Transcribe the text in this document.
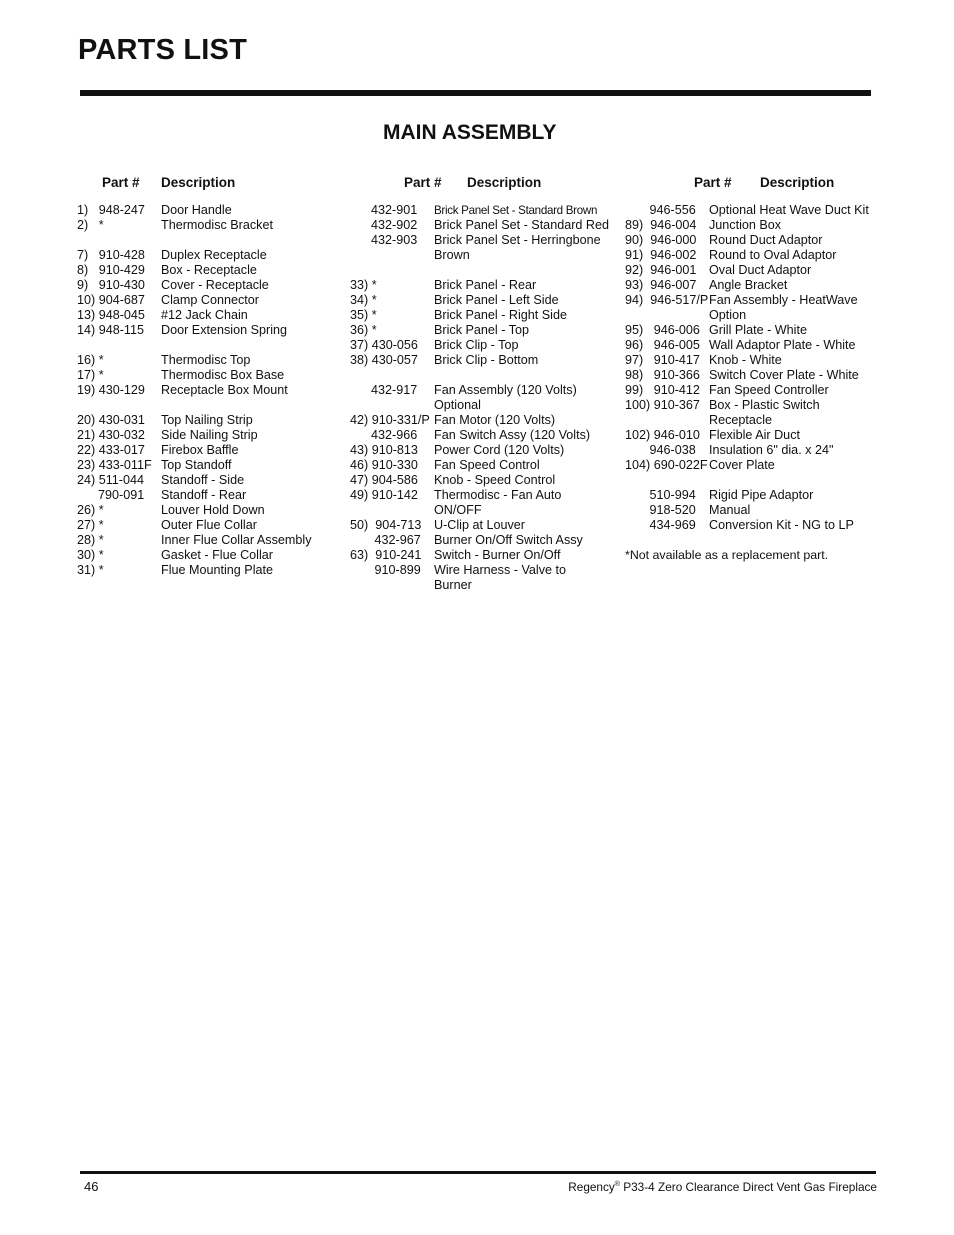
PARTS LIST
MAIN ASSEMBLY
Part # Description
1)   948-247 Door Handle
2)   *	Thermodisc Bracket
7)   910-428 Duplex Receptacle
8)   910-429 Box - Receptacle
9)   910-430 Cover - Receptacle
10) 904-687 Clamp Connector
13) 948-045 #12 Jack Chain
14) 948-115 Door Extension Spring
16) *	Thermodisc Top
17) *	Thermodisc Box Base
19) 430-129 Receptacle Box Mount
20) 430-031 Top Nailing Strip
21) 430-032 Side Nailing Strip
22) 433-017 Firebox Baffle
23) 433-011F Top Standoff
24) 511-044 Standoff - Side
790-091 Standoff - Rear
26) *	Louver Hold Down
27) *	Outer Flue Collar
28) *	Inner Flue Collar Assembly
30) *	Gasket - Flue Collar
31) *	Flue Mounting Plate
Part # Description
432-901 Brick Panel Set - Standard Brown
432-902 Brick Panel Set - Standard Red
432-903 Brick Panel Set - Herringbone
Brown
33) *	Brick Panel - Rear
34) *	Brick Panel - Left Side
35) *	Brick Panel - Right Side
36) *	Brick Panel - Top
37) 430-056 Brick Clip - Top
38) 430-057 Brick Clip - Bottom
432-917 Fan Assembly (120 Volts)
Optional
42) 910-331/P Fan Motor (120 Volts)
432-966 Fan Switch Assy (120 Volts)
43) 910-813 Power Cord (120 Volts)
46) 910-330 Fan Speed Control
47) 904-586 Knob - Speed Control
49) 910-142 Thermodisc - Fan Auto
ON/OFF
50)  904-713 U-Clip at Louver
432-967 Burner On/Off Switch Assy
63)  910-241 Switch - Burner On/Off
910-899 Wire Harness - Valve to
Burner
Part # Description
946-556 Optional Heat Wave Duct Kit
89)  946-004 Junction Box
90)  946-000 Round Duct Adaptor
91)  946-002 Round to Oval Adaptor
92)  946-001 Oval Duct Adaptor
93)  946-007 Angle Bracket
94)  946-517/P Fan Assembly - HeatWave
Option
95)   946-006 Grill Plate - White
96)   946-005 Wall Adaptor Plate - White
97)   910-417 Knob - White
98)   910-366 Switch Cover Plate - White
99)   910-412 Fan Speed Controller
100) 910-367 Box - Plastic Switch
Receptacle
102) 946-010 Flexible Air Duct
946-038 Insulation 6" dia. x 24"
104) 690-022F Cover Plate
510-994 Rigid Pipe Adaptor
918-520 Manual
434-969 Conversion Kit - NG to LP
*Not available as a replacement part.
46	Regency® P33-4 Zero Clearance Direct Vent Gas Fireplace
